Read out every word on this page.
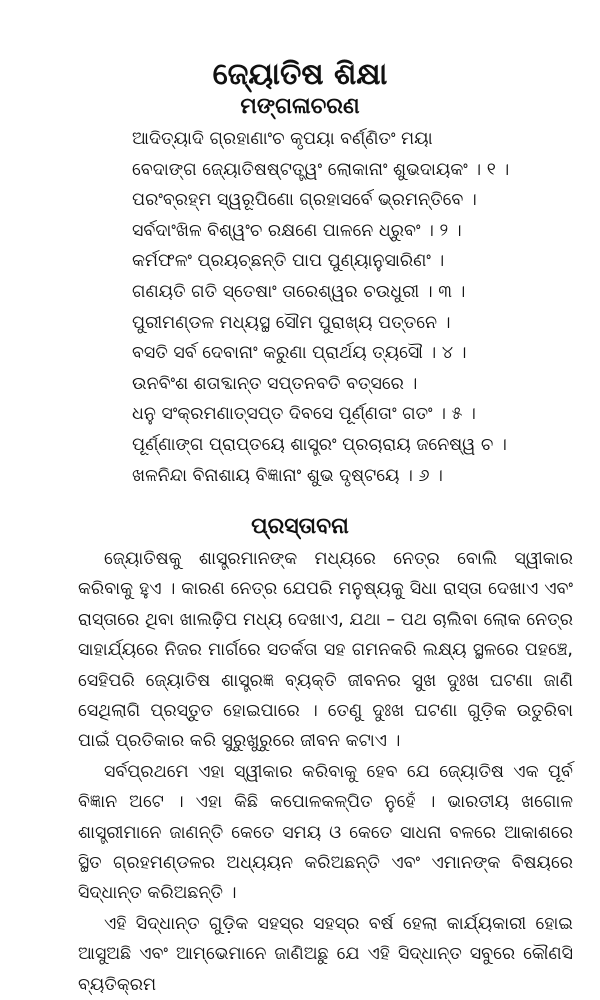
ଜ୍ୟୋତିଷ ଶିକ୍ଷା
ମଙ୍ଗଳାଚରଣ
ଆଦିତ୍ୟାଦି ଗ୍ରହାଣାଂଚ କୃପୟା ବର୍ଣ୍ଣିତଂ ମୟା
ବେଦାଙ୍ଗ ଜ୍ୟୋତିଷଷ୍ଟତ୍ତ୍ୱଂ ଲୋକାନାଂ ଶୁଭଦାୟକଂ । ୧ ।
ପରଂବ୍ରହ୍ମ ସ୍ୱରୂପିଣୋ ଗ୍ରହାସର୍ବେ ଭ୍ରମନ୍ତିବେ ।
ସର୍ବଦାଂଖିଳ ବିଶ୍ୱଂଚ ରକ୍ଷଣେ ପାଳନେ ଧ୍ରୁବଂ । ୨ ।
କର୍ମଫଳଂ ପ୍ରୟଚ୍ଛନ୍ତି ପାପ ପୁଣ୍ୟାନୁସାରିଣଂ ।
ଗଣୟତି ଗତି ସ୍ତେଷାଂ ତାରେଶ୍ୱର ଚଉଧୁରୀ । ୩ ।
ପୁରୀମଣ୍ଡଳ ମଧ୍ୟସ୍ଥ ସୌମ ପୁରାଖ୍ୟ ପତ୍ତନେ ।
ବସତି ସର୍ବ ଦେବାନାଂ କରୁଣା ପ୍ରାର୍ଥୟ ତ୍ୟସୌ । ୪ ।
ଉନବିଂଶ ଶତାବ୍ଦାନ୍ତ ସପ୍ତନବତି ବତ୍ସରେ ।
ଧନୁ ସଂକ୍ରମଣାତ୍ସପ୍ତ ଦିବସେ ପୂର୍ଣ୍ଣତାଂ ଗତଂ । ୫ ।
ପୂର୍ଣ୍ଣାଙ୍ଗ ପ୍ରାପ୍ତୟେ ଶାସ୍ତ୍ରଂ ପ୍ରଚାରାୟ ଜନେଷ୍ୱ ଚ ।
ଖଳନିନ୍ଦା ବିନାଶାୟ ବିଜ୍ଞାନାଂ ଶୁଭ ଦୃଷ୍ଟୟେ । ୬ ।
ପ୍ରସ୍ତାବନା

ଜ୍ୟୋତିଷକୁ ଶାସ୍ତ୍ରମାନଙ୍କ ମଧ୍ୟରେ ନେତ୍ର ବୋଲି ସ୍ୱୀକାର କରିବାକୁ ହୁଏ । କାରଣ ନେତ୍ର ଯେପରି ମନୁଷ୍ୟକୁ ସିଧା ରାସ୍ତା ଦେଖାଏ ଏବଂ ରାସ୍ତାରେ ଥିବା ଖାଲଢ଼ିପ ମଧ୍ୟ ଦେଖାଏ, ଯଥା – ପଥ ଚାଲିବା ଲୋକ ନେତ୍ର ସାହାର୍ଯ୍ୟରେ ନିଜର ମାର୍ଗରେ ସତର୍କତା ସହ ଗମନକରି ଲକ୍ଷ୍ୟ ସ୍ଥଳରେ ପହଞ୍ଚେ, ସେହିପରି ଜ୍ୟୋତିଷ ଶାସ୍ତ୍ରଜ୍ଞ ବ୍ୟକ୍ତି ଜୀବନର ସୁଖ ଦୁଃଖ ଘଟଣା ଜାଣି ସେଥିଲାଗି ପ୍ରସ୍ତୁତ ହୋଇପାରେ । ତେଣୁ ଦୁଃଖ ଘଟଣା ଗୁଡ଼ିକ ଉତୁରିବା ପାଇଁ ପ୍ରତିକାର କରି ସୁରୁଖୁରୁରେ ଜୀବନ କଟାଏ ।

ସର୍ବପ୍ରଥମେ ଏହା ସ୍ୱୀକାର କରିବାକୁ ହେବ ଯେ ଜ୍ୟୋତିଷ ଏକ ପୂର୍ବ ବିଜ୍ଞାନ ଅଟେ । ଏହା କିଛି କପୋଳକଳ୍ପିତ ନୁହେଁ । ଭାରତୀୟ ଖଗୋଳ ଶାସ୍ତ୍ରୀମାନେ ଜାଣନ୍ତି କେତେ ସମୟ ଓ କେତେ ସାଧନା ବଳରେ ଆକାଶରେ ସ୍ଥିତ ଗ୍ରହମଣ୍ଡଳର ଅଧ୍ୟୟନ କରିଅଛନ୍ତି ଏବଂ ଏମାନଙ୍କ ବିଷୟରେ ସିଦ୍ଧାନ୍ତ କରିଅଛନ୍ତି ।

ଏହି ସିଦ୍ଧାନ୍ତ ଗୁଡ଼ିକ ସହସ୍ର ସହସ୍ର ବର୍ଷ ହେଲା କାର୍ଯ୍ୟକାରୀ ହୋଇ ଆସୁଅଛି ଏବଂ ଆମ୍ଭେମାନେ ଜାଣିଅଛୁ ଯେ ଏହି ସିଦ୍ଧାନ୍ତ ସବୁରେ କୌଣସି ବ୍ୟତିକ୍ରମ
